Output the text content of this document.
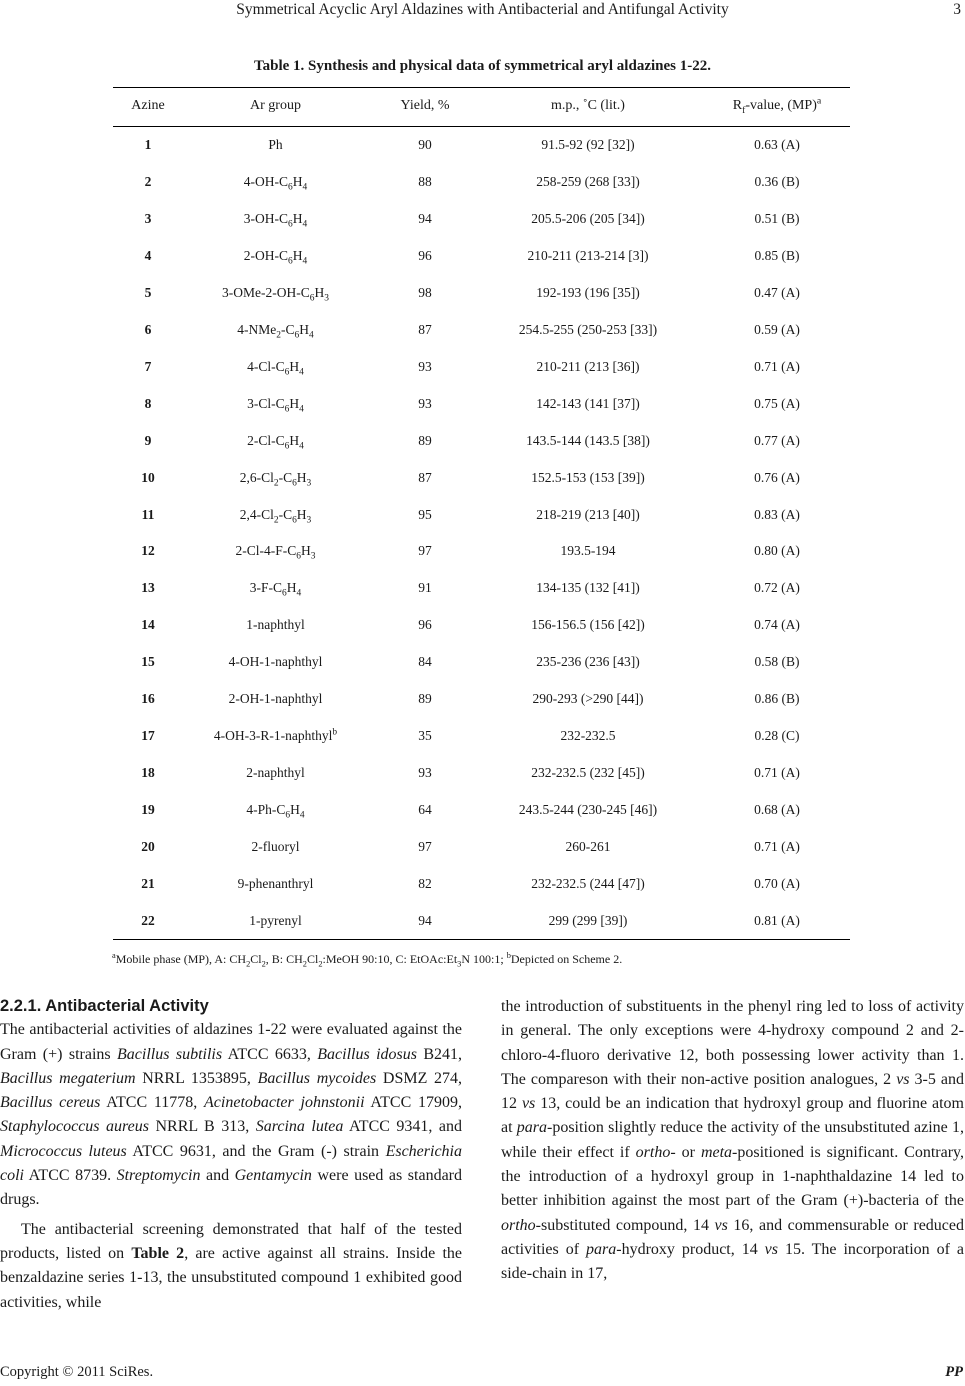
Symmetrical Acyclic Aryl Aldazines with Antibacterial and Antifungal Activity	3
Table 1. Synthesis and physical data of symmetrical aryl aldazines 1-22.
Azine	Ar group	Yield, %	m.p., ˚C (lit.)	$R_f$-value, (MP)$^a$
1	Ph	90	91.5-92 (92 [32])	0.63 (A)
2	$4-OH-C_6H_4$	88	258-259 (268 [33])	0.36 (B)
3	$3-OH-C_6H_4$	94	205.5-206 (205 [34])	0.51 (B)
4	$2-OH-C_6H_4$	96	210-211 (213-214 [3])	0.85 (B)
5	$3-OMe-2-OH-C_6H_3$	98	192-193 (196 [35])	0.47 (A)
6	$4-NMe_2-C_6H_4$	87	254.5-255 (250-253 [33])	0.59 (A)
7	$4-Cl-C_6H_4$	93	210-211 (213 [36])	0.71 (A)
8	$3-Cl-C_6H_4$	93	142-143 (141 [37])	0.75 (A)
9	$2-Cl-C_6H_4$	89	143.5-144 (143.5 [38])	0.77 (A)
10	$2,6-Cl_2-C_6H_3$	87	152.5-153 (153 [39])	0.76 (A)
11	$2,4-Cl_2-C_6H_3$	95	218-219 (213 [40])	0.83 (A)
12	$2-Cl-4-F-C_6H_3$	97	193.5-194	0.80 (A)
13	$3-F-C_6H_4$	91	134-135 (132 [41])	0.72 (A)
14	1-naphthyl	96	156-156.5 (156 [42])	0.74 (A)
15	4-OH-1-naphthyl	84	235-236 (236 [43])	0.58 (B)
16	2-OH-1-naphthyl	89	290-293 (>290 [44])	0.86 (B)
17	4-OH-3-R-1-naphthyl$^b$	35	232-232.5	0.28 (C)
18	2-naphthyl	93	232-232.5 (232 [45])	0.71 (A)
19	$4-Ph-C_6H_4$	64	243.5-244 (230-245 [46])	0.68 (A)
20	2-fluoryl	97	260-261	0.71 (A)
21	9-phenanthryl	82	232-232.5 (244 [47])	0.70 (A)
22	1-pyrenyl	94	299 (299 [39])	0.81 (A)
$^a$Mobile phase (MP), A: $CH_2Cl_2$, B: $CH_2Cl_2:MeOH$ 90:10, C: $EtOAc:Et_3N$ 100:1; $^b$Depicted on Scheme 2.

2.2.1. Antibacterial Activity

The antibacterial activities of aldazines 1-22 were evaluated against the Gram (+) strains Bacillus subtilis ATCC 6633, Bacillus idosus B241, Bacillus megaterium NRRL 1353895, Bacillus mycoides DSMZ 274, Bacillus cereus ATCC 11778, Acinetobacter johnstonii ATCC 17909, Staphylococcus aureus NRRL B 313, Sarcina lutea ATCC 9341, and Micrococcus luteus ATCC 9631, and the Gram (-) strain Escherichia coli ATCC 8739. Streptomycin and Gentamycin were used as standard drugs.

The antibacterial screening demonstrated that half of the tested products, listed on Table 2, are active against all strains. Inside the benzaldazine series 1-13, the unsubstituted compound 1 exhibited good activities, while

the introduction of substituents in the phenyl ring led to loss of activity in general. The only exceptions were 4-hydroxy compound 2 and 2-chloro-4-fluoro derivative 12, both possessing lower activity than 1. The compareson with their non-active position analogues, 2 vs 3-5 and 12 vs 13, could be an indication that hydroxyl group and fluorine atom at para-position slightly reduce the activity of the unsubstituted azine 1, while their effect if ortho- or meta-positioned is significant. Contrary, the introduction of a hydroxyl group in 1-naphthaldazine 14 led to better inhibition against the most part of the Gram (+)-bacteria of the ortho-substituted compound, 14 vs 16, and commensurable or reduced activities of para-hydroxy product, 14 vs 15. The incorporation of a side-chain in 17,

Copyright © 2011 SciRes.	PP
